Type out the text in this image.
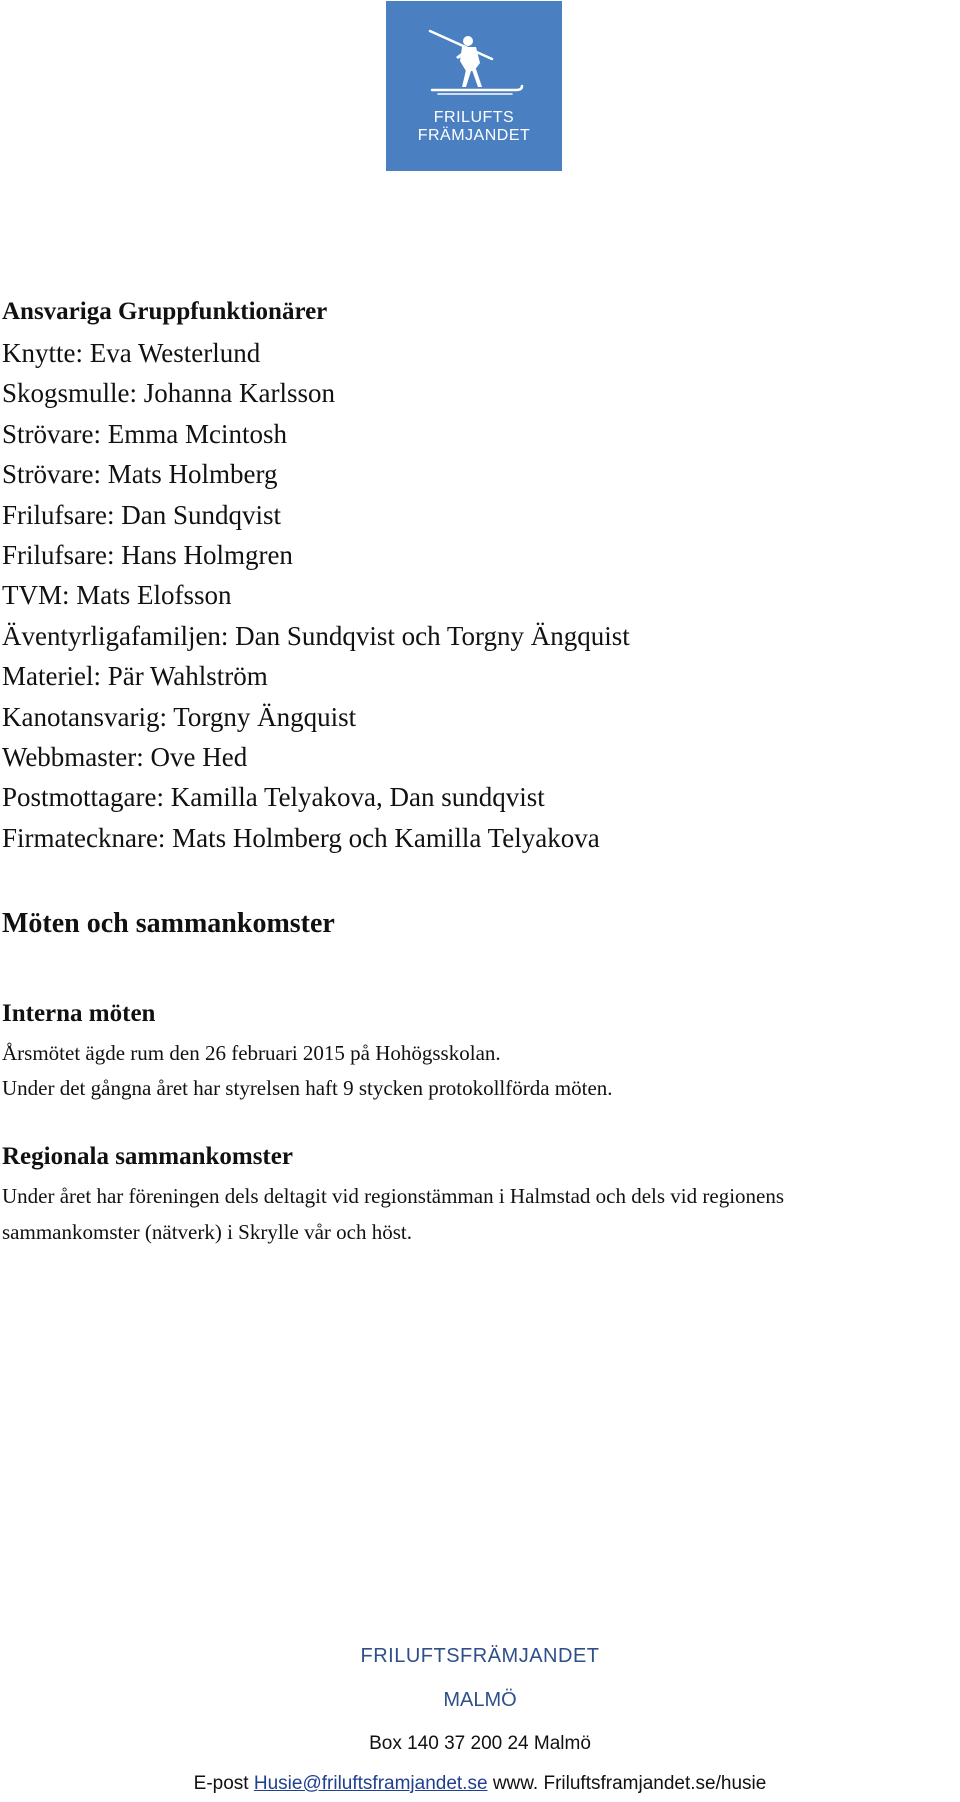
FRILUFTS
FRÄMJANDET
Ansvariga Gruppfunktionärer
Knytte: Eva Westerlund
Skogsmulle: Johanna Karlsson
Strövare: Emma Mcintosh
Strövare: Mats Holmberg
Frilufsare: Dan Sundqvist
Frilufsare: Hans Holmgren
TVM: Mats Elofsson
Äventyrligafamiljen: Dan Sundqvist och Torgny Ängquist
Materiel: Pär Wahlström
Kanotansvarig: Torgny Ängquist
Webbmaster: Ove Hed
Postmottagare: Kamilla Telyakova, Dan sundqvist
Firmatecknare: Mats Holmberg och Kamilla Telyakova
Möten och sammankomster
Interna möten

Årsmötet ägde rum den 26 februari 2015 på Hohögsskolan.

Under det gångna året har styrelsen haft 9 stycken protokollförda möten.

Regionala sammankomster

Under året har föreningen dels deltagit vid regionstämman i Halmstad och dels vid regionens

sammankomster (nätverk) i Skrylle vår och höst.

FRILUFTSFRÄMJANDET
MALMÖ
Box 140 37 200 24 Malmö
E-post Husie@friluftsframjandet.se www. Friluftsframjandet.se/husie
